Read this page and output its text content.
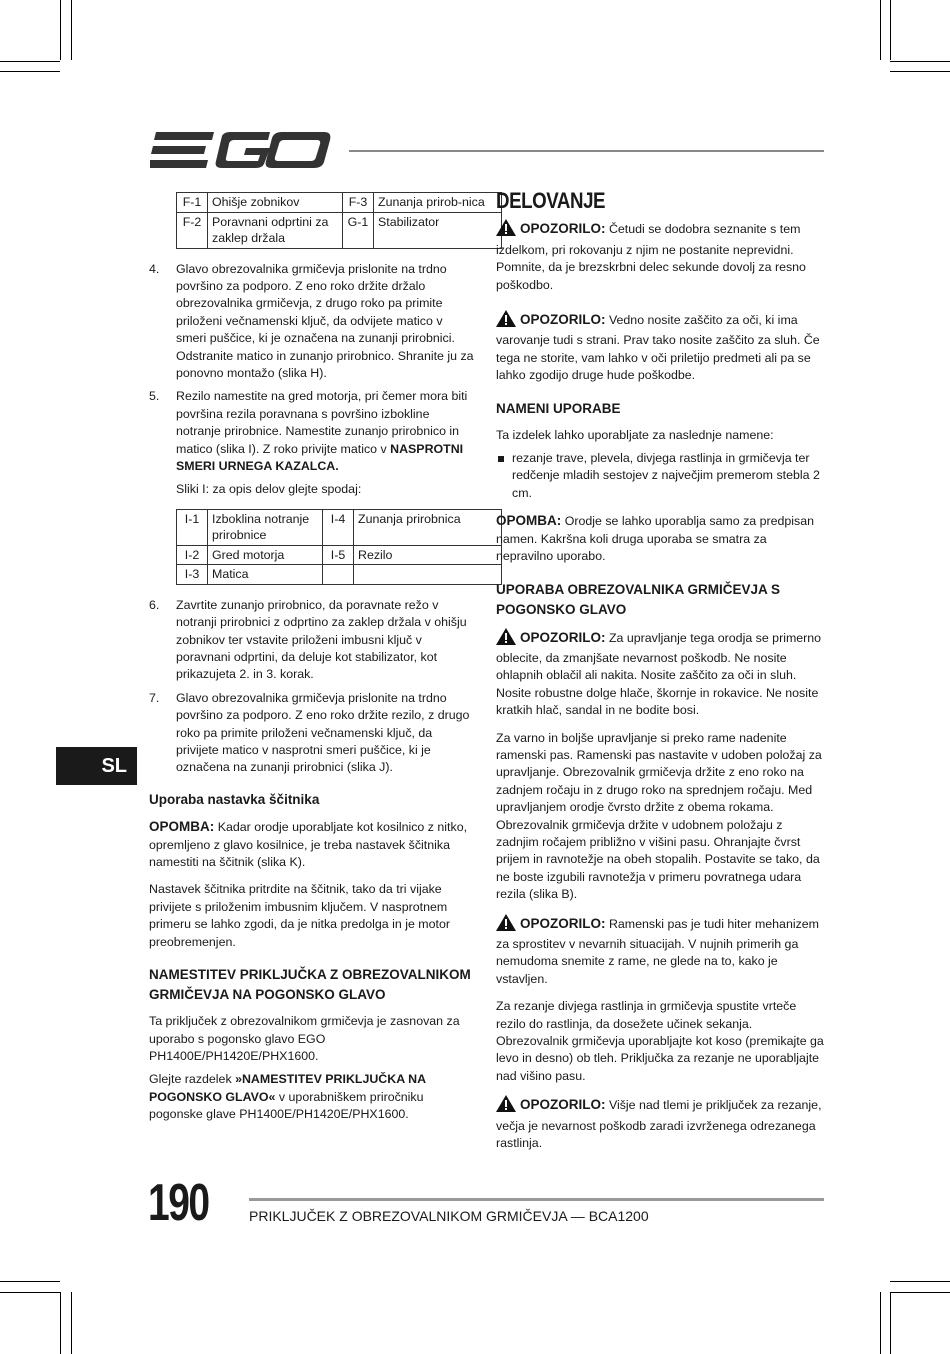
SL
F-1	Ohišje zobnikov	F-3	Zunanja prirob-nica
F-2	Poravnani odprtini za zaklep držala	G-1	Stabilizator
4. Glavo obrezovalnika grmičevja prislonite na trdno površino za podporo. Z eno roko držite držalo obrezovalnika grmičevja, z drugo roko pa primite priloženi večnamenski ključ, da odvijete matico v smeri puščice, ki je označena na zunanji prirobnici. Odstranite matico in zunanjo prirobnico. Shranite ju za ponovno montažo (slika H).
5. Rezilo namestite na gred motorja, pri čemer mora biti površina rezila poravnana s površino izbokline notranje prirobnice. Namestite zunanjo prirobnico in matico (slika I). Z roko privijte matico v NASPROTNI SMERI URNEGA KAZALCA.
Sliki I: za opis delov glejte spodaj:
I-1	Izboklina notranje prirobnice	I-4	Zunanja prirobnica
I-2	Gred motorja	I-5	Rezilo
I-3	Matica		
6. Zavrtite zunanjo prirobnico, da poravnate režo v notranji prirobnici z odprtino za zaklep držala v ohišju zobnikov ter vstavite priloženi imbusni ključ v poravnani odprtini, da deluje kot stabilizator, kot prikazujeta 2. in 3. korak.
7. Glavo obrezovalnika grmičevja prislonite na trdno površino za podporo. Z eno roko držite rezilo, z drugo roko pa primite priloženi večnamenski ključ, da privijete matico v nasprotni smeri puščice, ki je označena na zunanji prirobnici (slika J).
Uporaba nastavka ščitnika

OPOMBA: Kadar orodje uporabljate kot kosilnico z nitko, opremljeno z glavo kosilnice, je treba nastavek ščitnika namestiti na ščitnik (slika K).

Nastavek ščitnika pritrdite na ščitnik, tako da tri vijake privijete s priloženim imbusnim ključem. V nasprotnem primeru se lahko zgodi, da je nitka predolga in je motor preobremenjen.

NAMESTITEV PRIKLJUČKA Z OBREZOVALNIKOM GRMIČEVJA NA POGONSKO GLAVO

Ta priključek z obrezovalnikom grmičevja je zasnovan za uporabo s pogonsko glavo EGO PH1400E/PH1420E/PHX1600.

Glejte razdelek »NAMESTITEV PRIKLJUČKA NA POGONSKO GLAVO« v uporabniškem priročniku pogonske glave PH1400E/PH1420E/PHX1600.

DELOVANJE

OPOZORILO: Četudi se dodobra seznanite s tem izdelkom, pri rokovanju z njim ne postanite neprevidni. Pomnite, da je brezskrbni delec sekunde dovolj za resno poškodbo.

OPOZORILO: Vedno nosite zaščito za oči, ki ima varovanje tudi s strani. Prav tako nosite zaščito za sluh. Če tega ne storite, vam lahko v oči priletijo predmeti ali pa se lahko zgodijo druge hude poškodbe.

NAMENI UPORABE

Ta izdelek lahko uporabljate za naslednje namene:

rezanje trave, plevela, divjega rastlinja in grmičevja ter redčenje mladih sestojev z največjim premerom stebla 2 cm.

OPOMBA: Orodje se lahko uporablja samo za predpisan namen. Kakršna koli druga uporaba se smatra za nepravilno uporabo.

UPORABA OBREZOVALNIKA GRMIČEVJA S POGONSKO GLAVO

OPOZORILO: Za upravljanje tega orodja se primerno oblecite, da zmanjšate nevarnost poškodb. Ne nosite ohlapnih oblačil ali nakita. Nosite zaščito za oči in sluh. Nosite robustne dolge hlače, škornje in rokavice. Ne nosite kratkih hlač, sandal in ne bodite bosi.

Za varno in boljše upravljanje si preko rame nadenite ramenski pas. Ramenski pas nastavite v udoben položaj za upravljanje. Obrezovalnik grmičevja držite z eno roko na zadnjem ročaju in z drugo roko na sprednjem ročaju. Med upravljanjem orodje čvrsto držite z obema rokama. Obrezovalnik grmičevja držite v udobnem položaju z zadnjim ročajem približno v višini pasu. Ohranjajte čvrst prijem in ravnotežje na obeh stopalih. Postavite se tako, da ne boste izgubili ravnotežja v primeru povratnega udara rezila (slika B).

OPOZORILO: Ramenski pas je tudi hiter mehanizem za sprostitev v nevarnih situacijah. V nujnih primerih ga nemudoma snemite z rame, ne glede na to, kako je vstavljen.

Za rezanje divjega rastlinja in grmičevja spustite vrteče rezilo do rastlinja, da dosežete učinek sekanja. Obrezovalnik grmičevja uporabljajte kot koso (premikajte ga levo in desno) ob tleh. Priključka za rezanje ne uporabljajte nad višino pasu.

OPOZORILO: Višje nad tlemi je priključek za rezanje, večja je nevarnost poškodb zaradi izvrženega odrezanega rastlinja.

190	PRIKLJUČEK Z OBREZOVALNIKOM GRMIČEVJA — BCA1200
